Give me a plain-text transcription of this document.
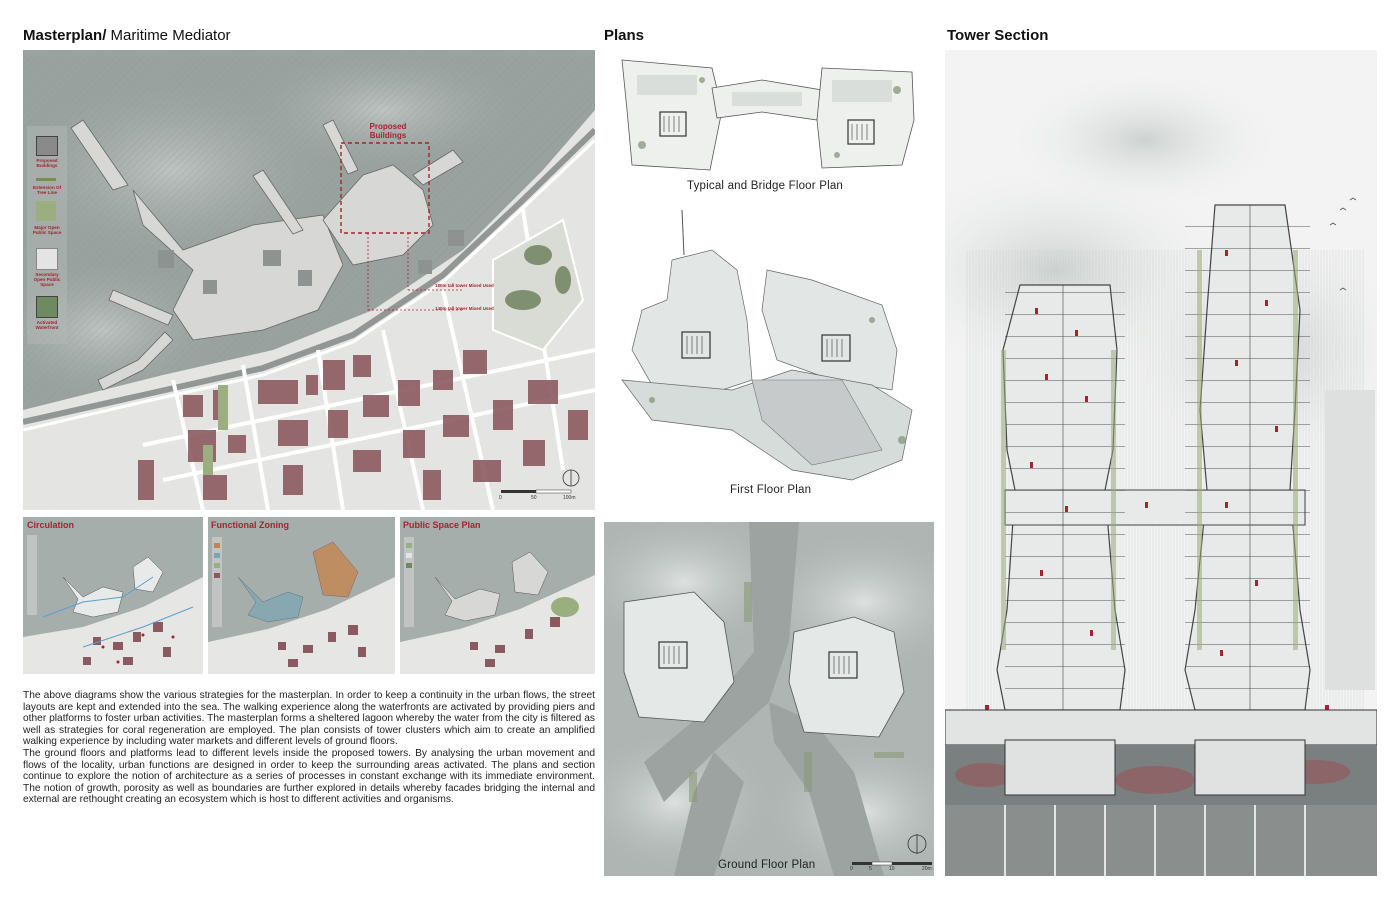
Masterplan/ Maritime Mediator
Proposed Buildings
Extension Of Tree Line
Major Open Public Space
Secondary Open Public Space
Activated Waterfront
Proposed Buildings
180m tall tower Mixed Used
140m tall tower Mixed Used
0	50	100m
Circulation	Functional Zoning	Public Space Plan

The above diagrams show the various strategies for the masterplan. In order to keep a continuity in the urban flows, the street layouts are kept and extended into the sea. The walking experience along the waterfronts are activated by providing piers and other platforms to foster urban activities. The masterplan forms a sheltered lagoon whereby the water from the city is filtered as well as strategies for coral regeneration are employed. The plan consists of tower clusters which aim to create an amplified walking experience by including water markets and different levels of ground floors.

The ground floors and platforms lead to different levels inside the proposed towers. By analysing the urban movement and flows of the locality, urban functions are designed in order to keep the surrounding areas activated. The plans and section continue to explore the notion of architecture as a series of processes in constant exchange with its immediate environment. The notion of growth, porosity as well as boundaries are further explored in details whereby facades bridging the internal and external are rethought creating an ecosystem which is host to different activities and organisms.

Plans
Typical and Bridge Floor Plan
First Floor Plan
Ground Floor Plan	0	5	10	20m
Tower Section
